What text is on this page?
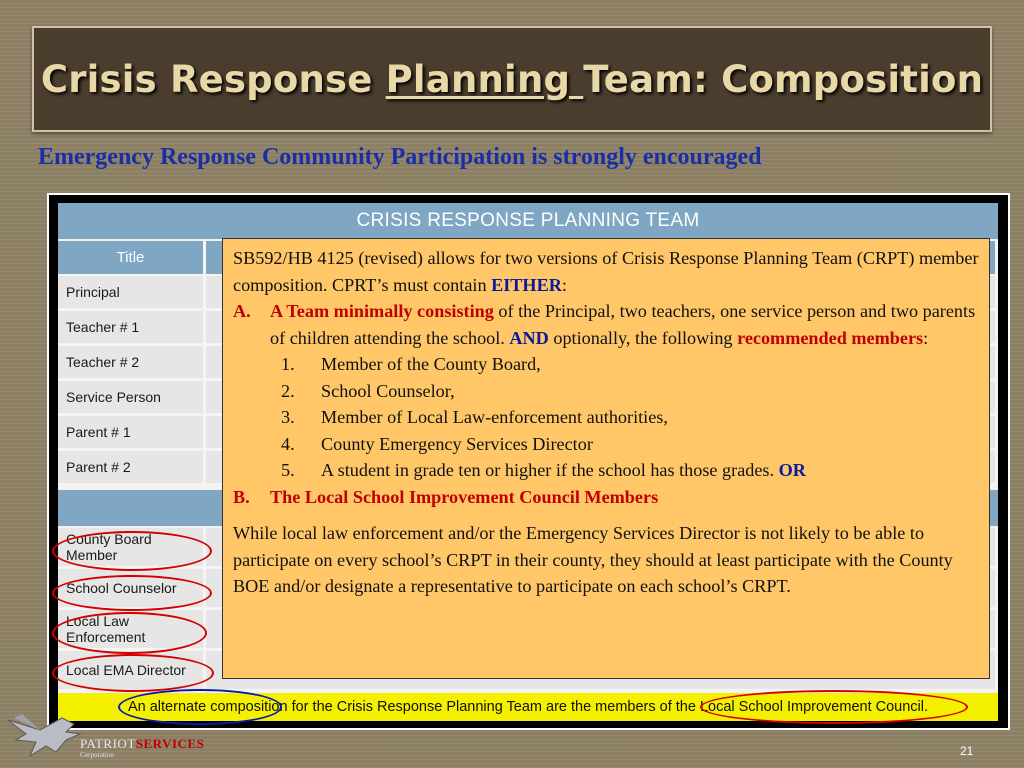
Crisis Response Planning Team: Composition
Emergency Response Community Participation is strongly encouraged
CRISIS RESPONSE PLANNING TEAM
Title
Principal
Teacher # 1
Teacher # 2
Service Person
Parent # 1
Parent # 2
County Board Member
School Counselor
Local Law Enforcement
Local EMA Director
An alternate composition for the Crisis Response Planning Team are the members of the Local School Improvement Council.

SB592/HB 4125 (revised) allows for two versions of Crisis Response Planning Team (CRPT) member composition. CPRT’s must contain EITHER:

A.	A Team minimally consisting of the Principal, two teachers, one service person and two parents of children attending the school. AND optionally, the following recommended members:
1.	Member of the County Board,
2.	School Counselor,
3.	Member of Local Law-enforcement authorities,
4.	County Emergency Services Director
5.	A student in grade ten or higher if the school has those grades. OR
B.	The Local School Improvement Council Members

While local law enforcement and/or the Emergency Services Director is not likely to be able to participate on every school’s CRPT in their county, they should at least participate with the County BOE and/or designate a representative to participate on each school’s CRPT.

PATRIOTSERVICES
Corporation	21
